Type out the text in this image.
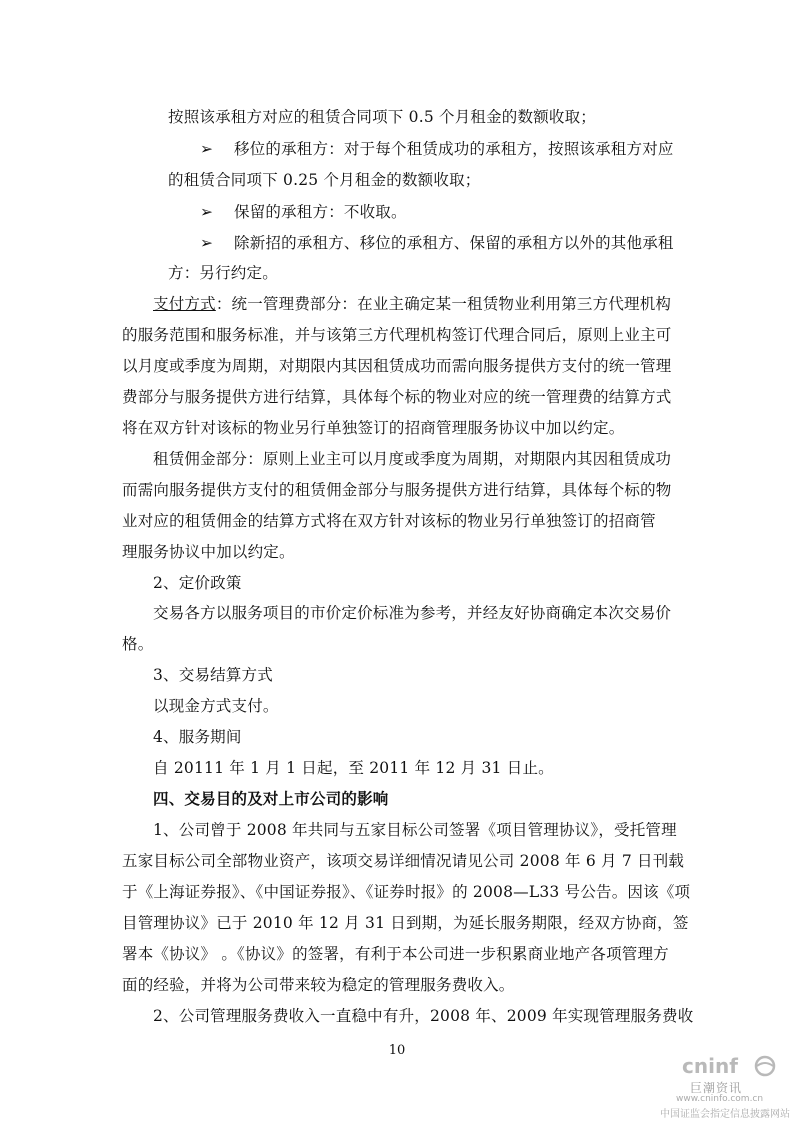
按照该承租方对应的租赁合同项下 0.5 个月租金的数额收取；
➢ 移位的承租方：对于每个租赁成功的承租方，按照该承租方对应
的租赁合同项下 0.25 个月租金的数额收取；
➢ 保留的承租方：不收取。
➢ 除新招的承租方、移位的承租方、保留的承租方以外的其他承租
方：另行约定。
支付方式：统一管理费部分：在业主确定某一租赁物业利用第三方代理机构
的服务范围和服务标准，并与该第三方代理机构签订代理合同后，原则上业主可
以月度或季度为周期，对期限内其因租赁成功而需向服务提供方支付的统一管理
费部分与服务提供方进行结算，具体每个标的物业对应的统一管理费的结算方式
将在双方针对该标的物业另行单独签订的招商管理服务协议中加以约定。
租赁佣金部分：原则上业主可以月度或季度为周期，对期限内其因租赁成功
而需向服务提供方支付的租赁佣金部分与服务提供方进行结算，具体每个标的物
业对应的租赁佣金的结算方式将在双方针对该标的物业另行单独签订的招商管
理服务协议中加以约定。
2、定价政策
交易各方以服务项目的市价定价标准为参考，并经友好协商确定本次交易价
格。
3、交易结算方式
以现金方式支付。
4、服务期间
自 20111 年 1 月 1 日起，至 2011 年 12 月 31 日止。
四、交易目的及对上市公司的影响
1、公司曾于 2008 年共同与五家目标公司签署《项目管理协议》，受托管理
五家目标公司全部物业资产，该项交易详细情况请见公司 2008 年 6 月 7 日刊载
于《上海证券报》、《中国证券报》、《证券时报》的 2008—L33 号公告。因该《项
目管理协议》已于 2010 年 12 月 31 日到期，为延长服务期限，经双方协商，签
署本《协议》 。《协议》的签署，有利于本公司进一步积累商业地产各项管理方
面的经验，并将为公司带来较为稳定的管理服务费收入。
2、公司管理服务费收入一直稳中有升，2008 年、2009 年实现管理服务费收
10
cninf
巨潮资讯
www.cninfo.com.cn
中国证监会指定信息披露网站
